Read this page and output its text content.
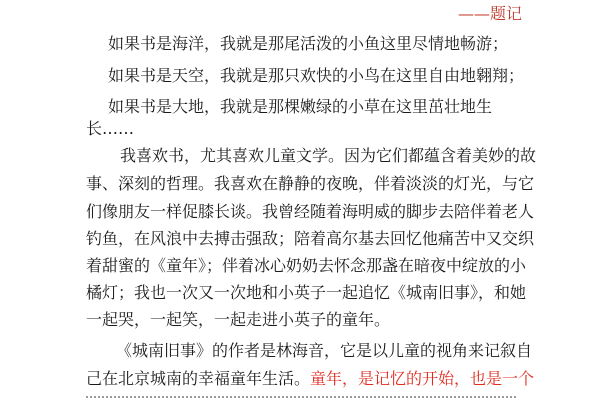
——题记

如果书是海洋，我就是那尾活泼的小鱼这里尽情地畅游；

如果书是天空，我就是那只欢快的小鸟在这里自由地翱翔；

如果书是大地，我就是那棵嫩绿的小草在这里茁壮地生

长……

我喜欢书，尤其喜欢儿童文学。因为它们都蕴含着美妙的故

事、深刻的哲理。我喜欢在静静的夜晚，伴着淡淡的灯光，与它

们像朋友一样促膝长谈。我曾经随着海明威的脚步去陪伴着老人

钓鱼，在风浪中去搏击强敌；陪着高尔基去回忆他痛苦中又交织

着甜蜜的《童年》；伴着冰心奶奶去怀念那盏在暗夜中绽放的小

橘灯；我也一次又一次地和小英子一起追忆《城南旧事》，和她

一起哭，一起笑，一起走进小英子的童年。

《城南旧事》的作者是林海音，它是以儿童的视角来记叙自

己在北京城南的幸福童年生活。童年，是记忆的开始，也是一个
